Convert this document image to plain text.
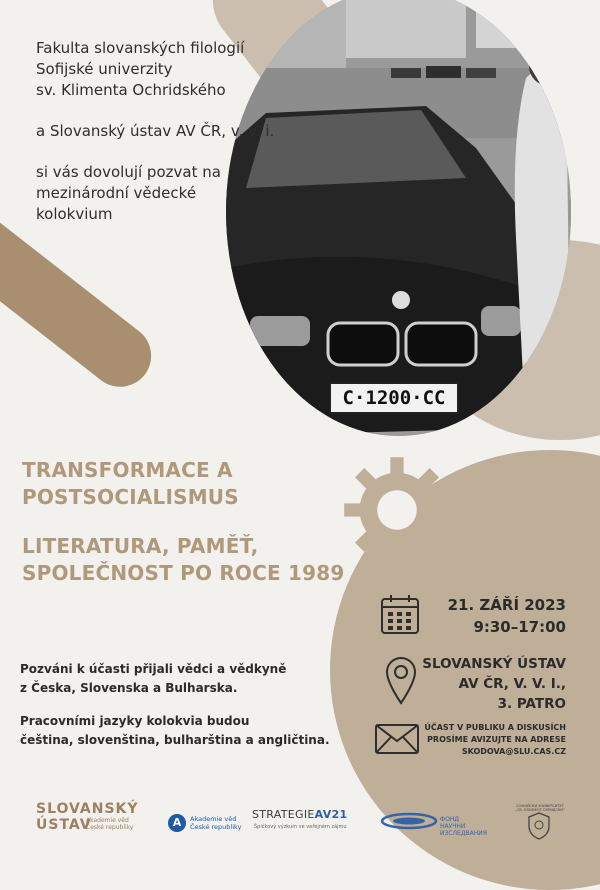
C·1200·CC

Fakulta slovanských filologií
Sofijské univerzity
sv. Klimenta Ochridského

a Slovanský ústav AV ČR, v. v. i.

si vás dovolují pozvat na
mezinárodní vědecké
kolokvium

TRANSFORMACE A
POSTSOCIALISMUS
LITERATURA, PAMĚŤ,
SPOLEČNOST PO ROCE 1989

Pozváni k účasti přijali vědci a vědkyně
z Česka, Slovenska a Bulharska.

Pracovními jazyky kolokvia budou
čeština, slovenština, bulharština a angličtina.

21. ZÁŘÍ 2023
9:30–17:00
SLOVANSKÝ ÚSTAV
AV ČR, V. V. I.,
3. PATRO
ÚČAST V PUBLIKU A DISKUSÍCH
PROSÍME AVIZUJTE NA ADRESE
SKODOVA@SLU.CAS.CZ
SLOVANSKÝ
ÚSTAV
Akademie věd
České republiky	A	Akademie věd
České republiky
STRATEGIEAV21
Špičkový výzkum ve veřejném zájmu
ФОНД
НАУЧНИ
ИЗСЛЕДВАНИЯ
СОФИЙСКИ УНИВЕРСИТЕТ
„СВ. КЛИМЕНТ ОХРИДСКИ“
